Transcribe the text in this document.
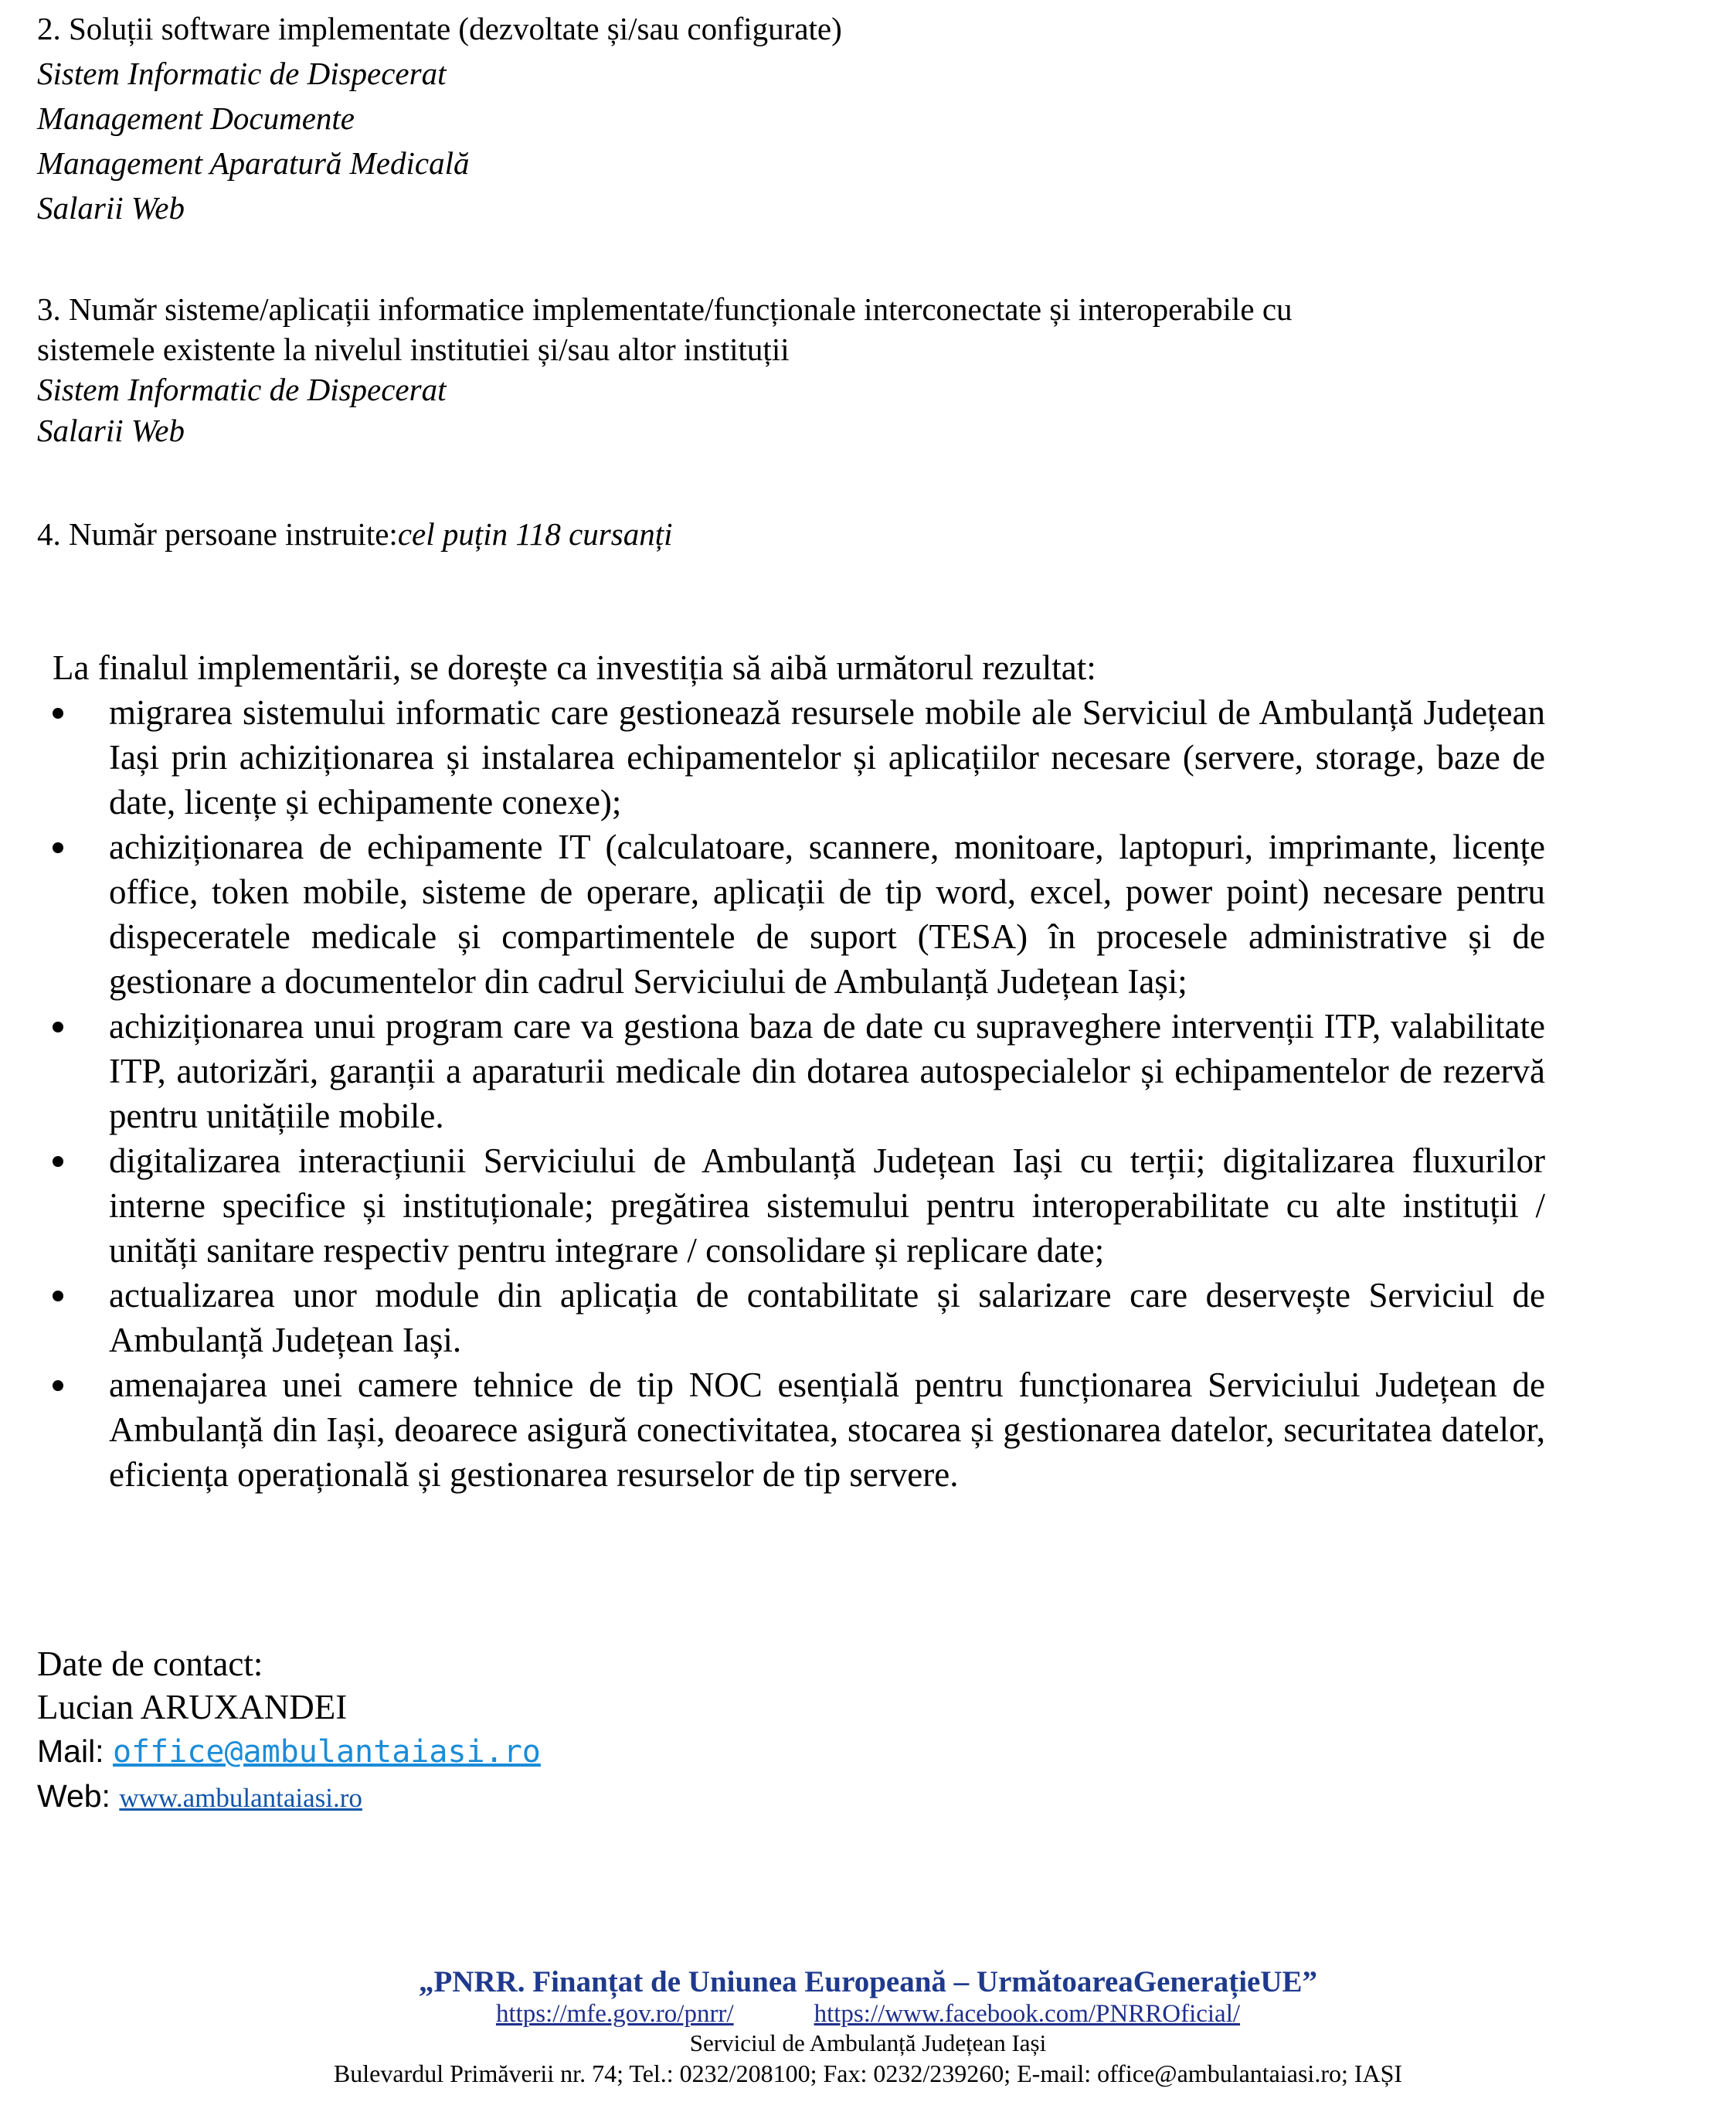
2. Soluții software implementate (dezvoltate și/sau configurate)
Sistem Informatic de Dispecerat
Management Documente
Management Aparatură Medicală
Salarii Web
3. Număr sisteme/aplicații informatice implementate/funcționale interconectate și interoperabile cu
sistemele existente la nivelul institutiei și/sau altor instituții
Sistem Informatic de Dispecerat
Salarii Web
4. Număr persoane instruite:cel puțin 118 cursanți
La finalul implementării, se dorește ca investiția să aibă următorul rezultat:
migrarea sistemului informatic care gestionează resursele mobile ale Serviciul de Ambulanță Județean Iași prin achiziționarea și instalarea echipamentelor și aplicațiilor necesare (servere, storage, baze de date, licențe și echipamente conexe);
achiziționarea de echipamente IT (calculatoare, scannere, monitoare, laptopuri, imprimante, licențe office, token mobile, sisteme de operare, aplicații de tip word, excel, power point) necesare pentru dispeceratele medicale și compartimentele de suport (TESA) în procesele administrative și de gestionare a documentelor din cadrul Serviciului de Ambulanță Județean Iași;
achiziționarea unui program care va gestiona baza de date cu supraveghere intervenții ITP, valabilitate ITP, autorizări, garanții a aparaturii medicale din dotarea autospecialelor și echipamentelor de rezervă pentru unitățiile mobile.
digitalizarea interacțiunii Serviciului de Ambulanță Județean Iași cu terții; digitalizarea fluxurilor interne specifice și instituționale; pregătirea sistemului pentru interoperabilitate cu alte instituții / unități sanitare respectiv pentru integrare / consolidare și replicare date;
actualizarea unor module din aplicația de contabilitate și salarizare care deservește Serviciul de Ambulanță Județean Iași.
amenajarea unei camere tehnice de tip NOC esențială pentru funcționarea Serviciului Județean de Ambulanță din Iași, deoarece asigură conectivitatea, stocarea și gestionarea datelor, securitatea datelor, eficiența operațională și gestionarea resurselor de tip servere.
Date de contact:
Lucian ARUXANDEI
Mail: office@ambulantaiasi.ro
Web: www.ambulantaiasi.ro
„PNRR. Finanțat de Uniunea Europeană – UrmătoareaGenerațieUE”
https://mfe.gov.ro/pnrr/	https://www.facebook.com/PNRROficial/
Serviciul de Ambulanță Județean Iași
Bulevardul Primăverii nr. 74; Tel.: 0232/208100; Fax: 0232/239260; E-mail: office@ambulantaiasi.ro; IAȘI
